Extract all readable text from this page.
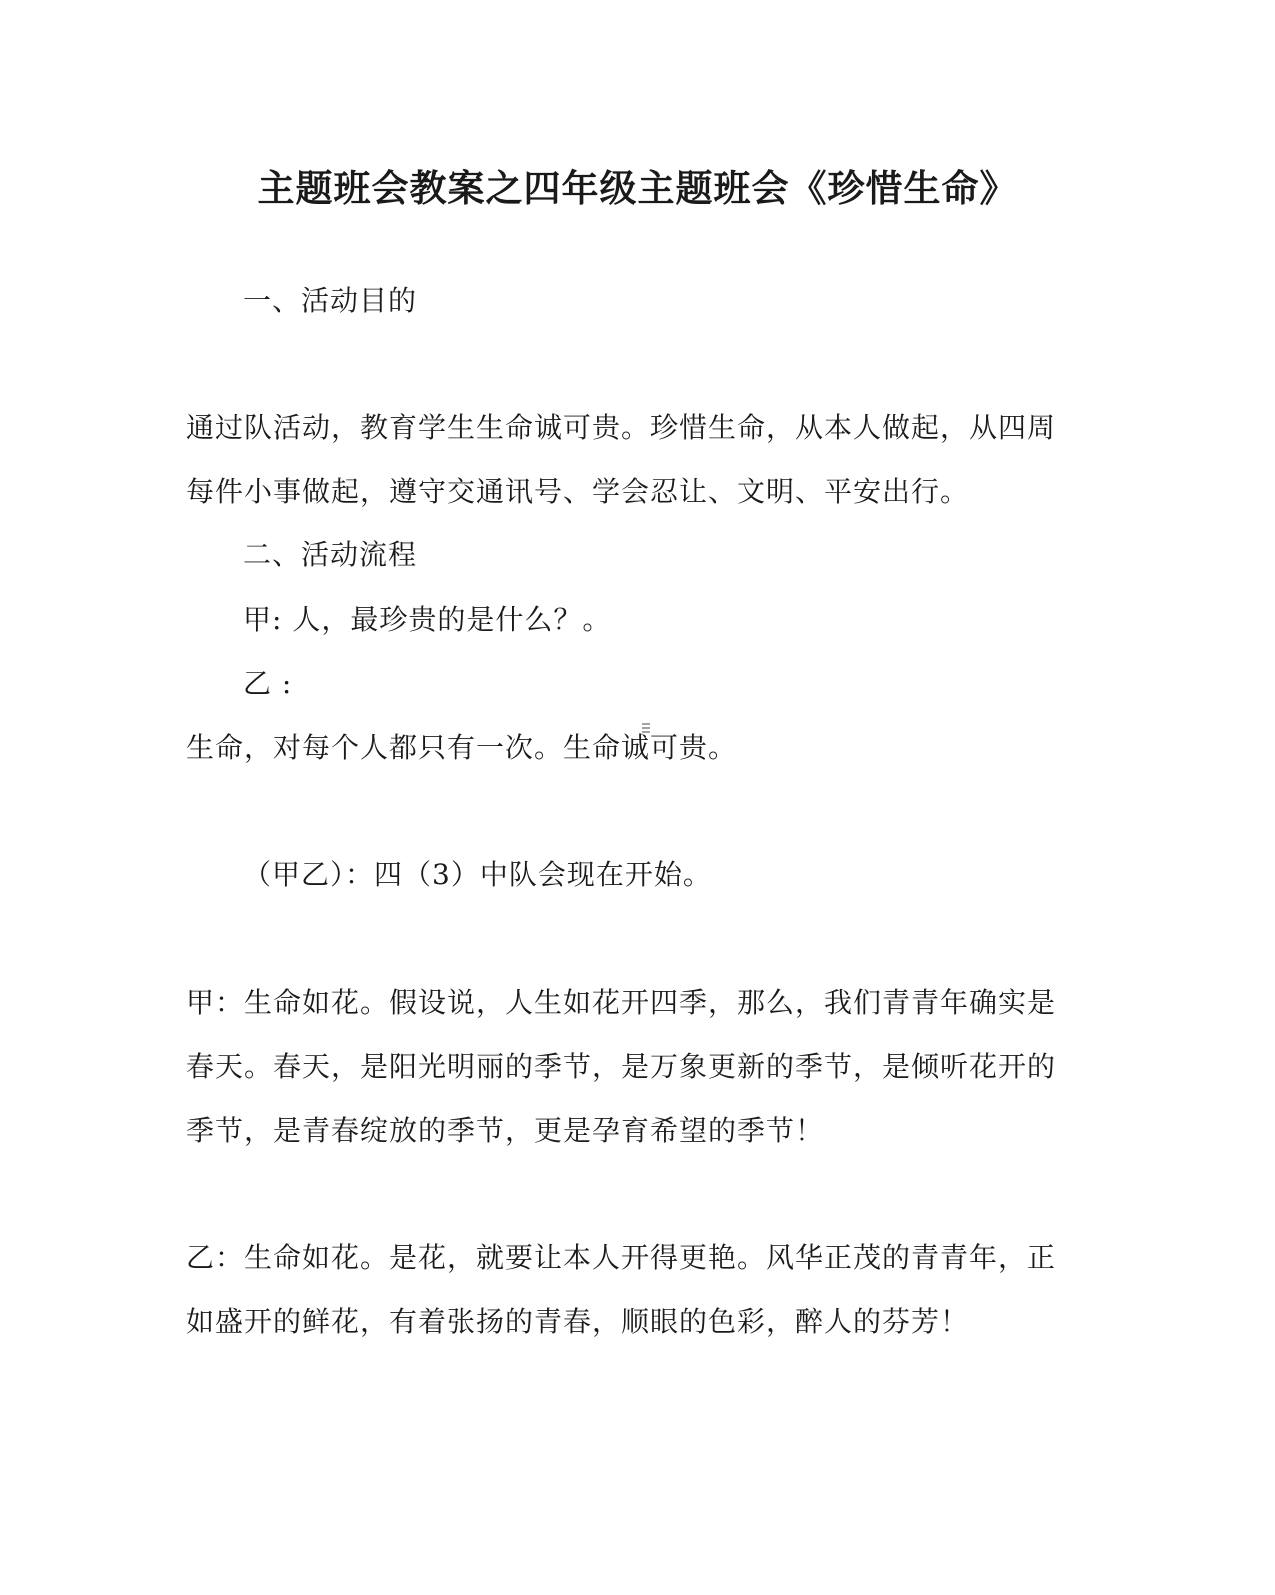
主题班会教案之四年级主题班会《珍惜生命》
一、活动目的
通过队活动，教育学生生命诚可贵。珍惜生命，从本人做起，从四周
每件小事做起，遵守交通讯号、学会忍让、文明、平安出行。
二、活动流程
甲: 人，最珍贵的是什么？。
乙 :
生命，对每个人都只有一次。生命诚可贵。
（甲乙）：四（3）中队会现在开始。
甲：生命如花。假设说，人生如花开四季，那么，我们青青年确实是
春天。春天，是阳光明丽的季节，是万象更新的季节，是倾听花开的
季节，是青春绽放的季节，更是孕育希望的季节！
乙：生命如花。是花，就要让本人开得更艳。风华正茂的青青年，正
如盛开的鲜花，有着张扬的青春，顺眼的色彩，醉人的芬芳！
